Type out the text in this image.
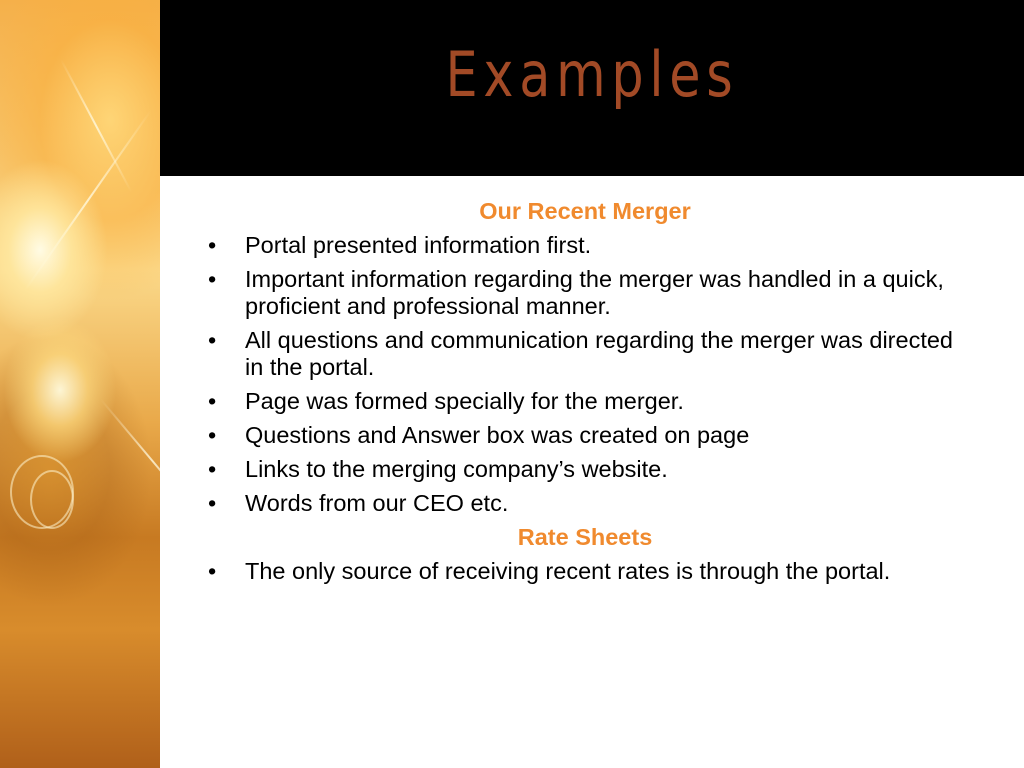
Examples
Our Recent Merger
• Portal presented information first.
• Important information regarding the merger was handled in a quick, proficient and professional manner.
• All questions and communication regarding the merger was directed in the portal.
• Page was formed specially for the merger.
• Questions and Answer box was created on page
• Links to the merging company’s website.
• Words from our CEO etc.
Rate Sheets
• The only source of receiving recent rates is through the portal.
